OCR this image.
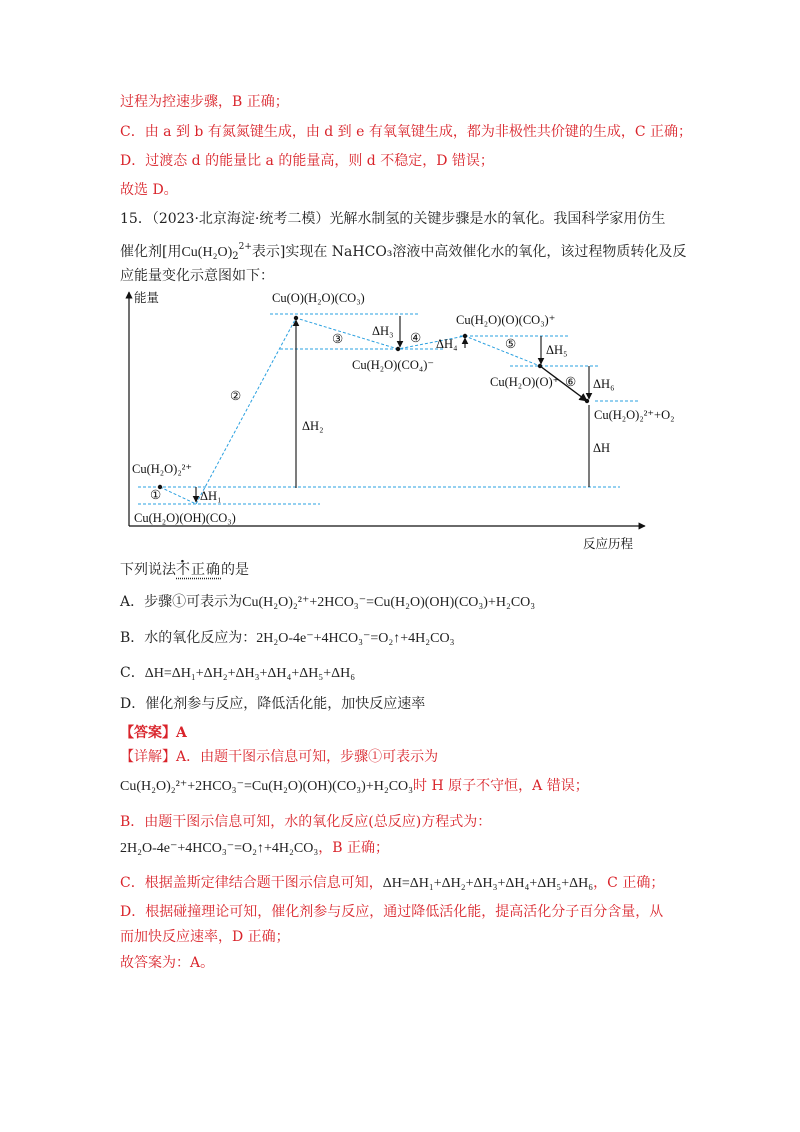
过程为控速步骤，B 正确；
C．由 a 到 b 有氮氮键生成，由 d 到 e 有氧氧键生成，都为非极性共价键的生成，C 正确；
D．过渡态 d 的能量比 a 的能量高，则 d 不稳定，D 错误；
故选 D。
15．（2023·北京海淀·统考二模）光解水制氢的关键步骤是水的氧化。我国科学家用仿生
催化剂[用$Cu(H_2O)_2^{2+}$表示]实现在 NaHCO₃溶液中高效催化水的氧化，该过程物质转化及反
应能量变化示意图如下：
能量
反应历程
Cu(H₂O)₂²⁺
Cu(H₂O)(OH)(CO₃)
Cu(O)(H₂O)(CO₃)
Cu(H₂O)(CO₄)⁻
Cu(H₂O)(O)(CO₃)⁺
Cu(H₂O)(O)⁺
Cu(H₂O)₂²⁺+O₂
①
②
③	④	⑤
⑥
ΔH₁
ΔH₂
ΔH₃
ΔH₄	ΔH₅
ΔH₆
ΔH
下列说法不正确的是
A．步骤①可表示为Cu(H₂O)₂²⁺+2HCO₃⁻=Cu(H₂O)(OH)(CO₃)+H₂CO₃
B．水的氧化反应为：2H₂O-4e⁻+4HCO₃⁻=O₂↑+4H₂CO₃
C．ΔH=ΔH₁+ΔH₂+ΔH₃+ΔH₄+ΔH₅+ΔH₆
D．催化剂参与反应，降低活化能，加快反应速率
【答案】A
【详解】A．由题干图示信息可知，步骤①可表示为
Cu(H₂O)₂²⁺+2HCO₃⁻=Cu(H₂O)(OH)(CO₃)+H₂CO₃时 H 原子不守恒，A 错误；
B．由题干图示信息可知，水的氧化反应(总反应)方程式为：
2H₂O-4e⁻+4HCO₃⁻=O₂↑+4H₂CO₃，B 正确；
C．根据盖斯定律结合题干图示信息可知，ΔH=ΔH₁+ΔH₂+ΔH₃+ΔH₄+ΔH₅+ΔH₆，C 正确；
D．根据碰撞理论可知，催化剂参与反应，通过降低活化能，提高活化分子百分含量，从
而加快反应速率，D 正确；
故答案为：A。
